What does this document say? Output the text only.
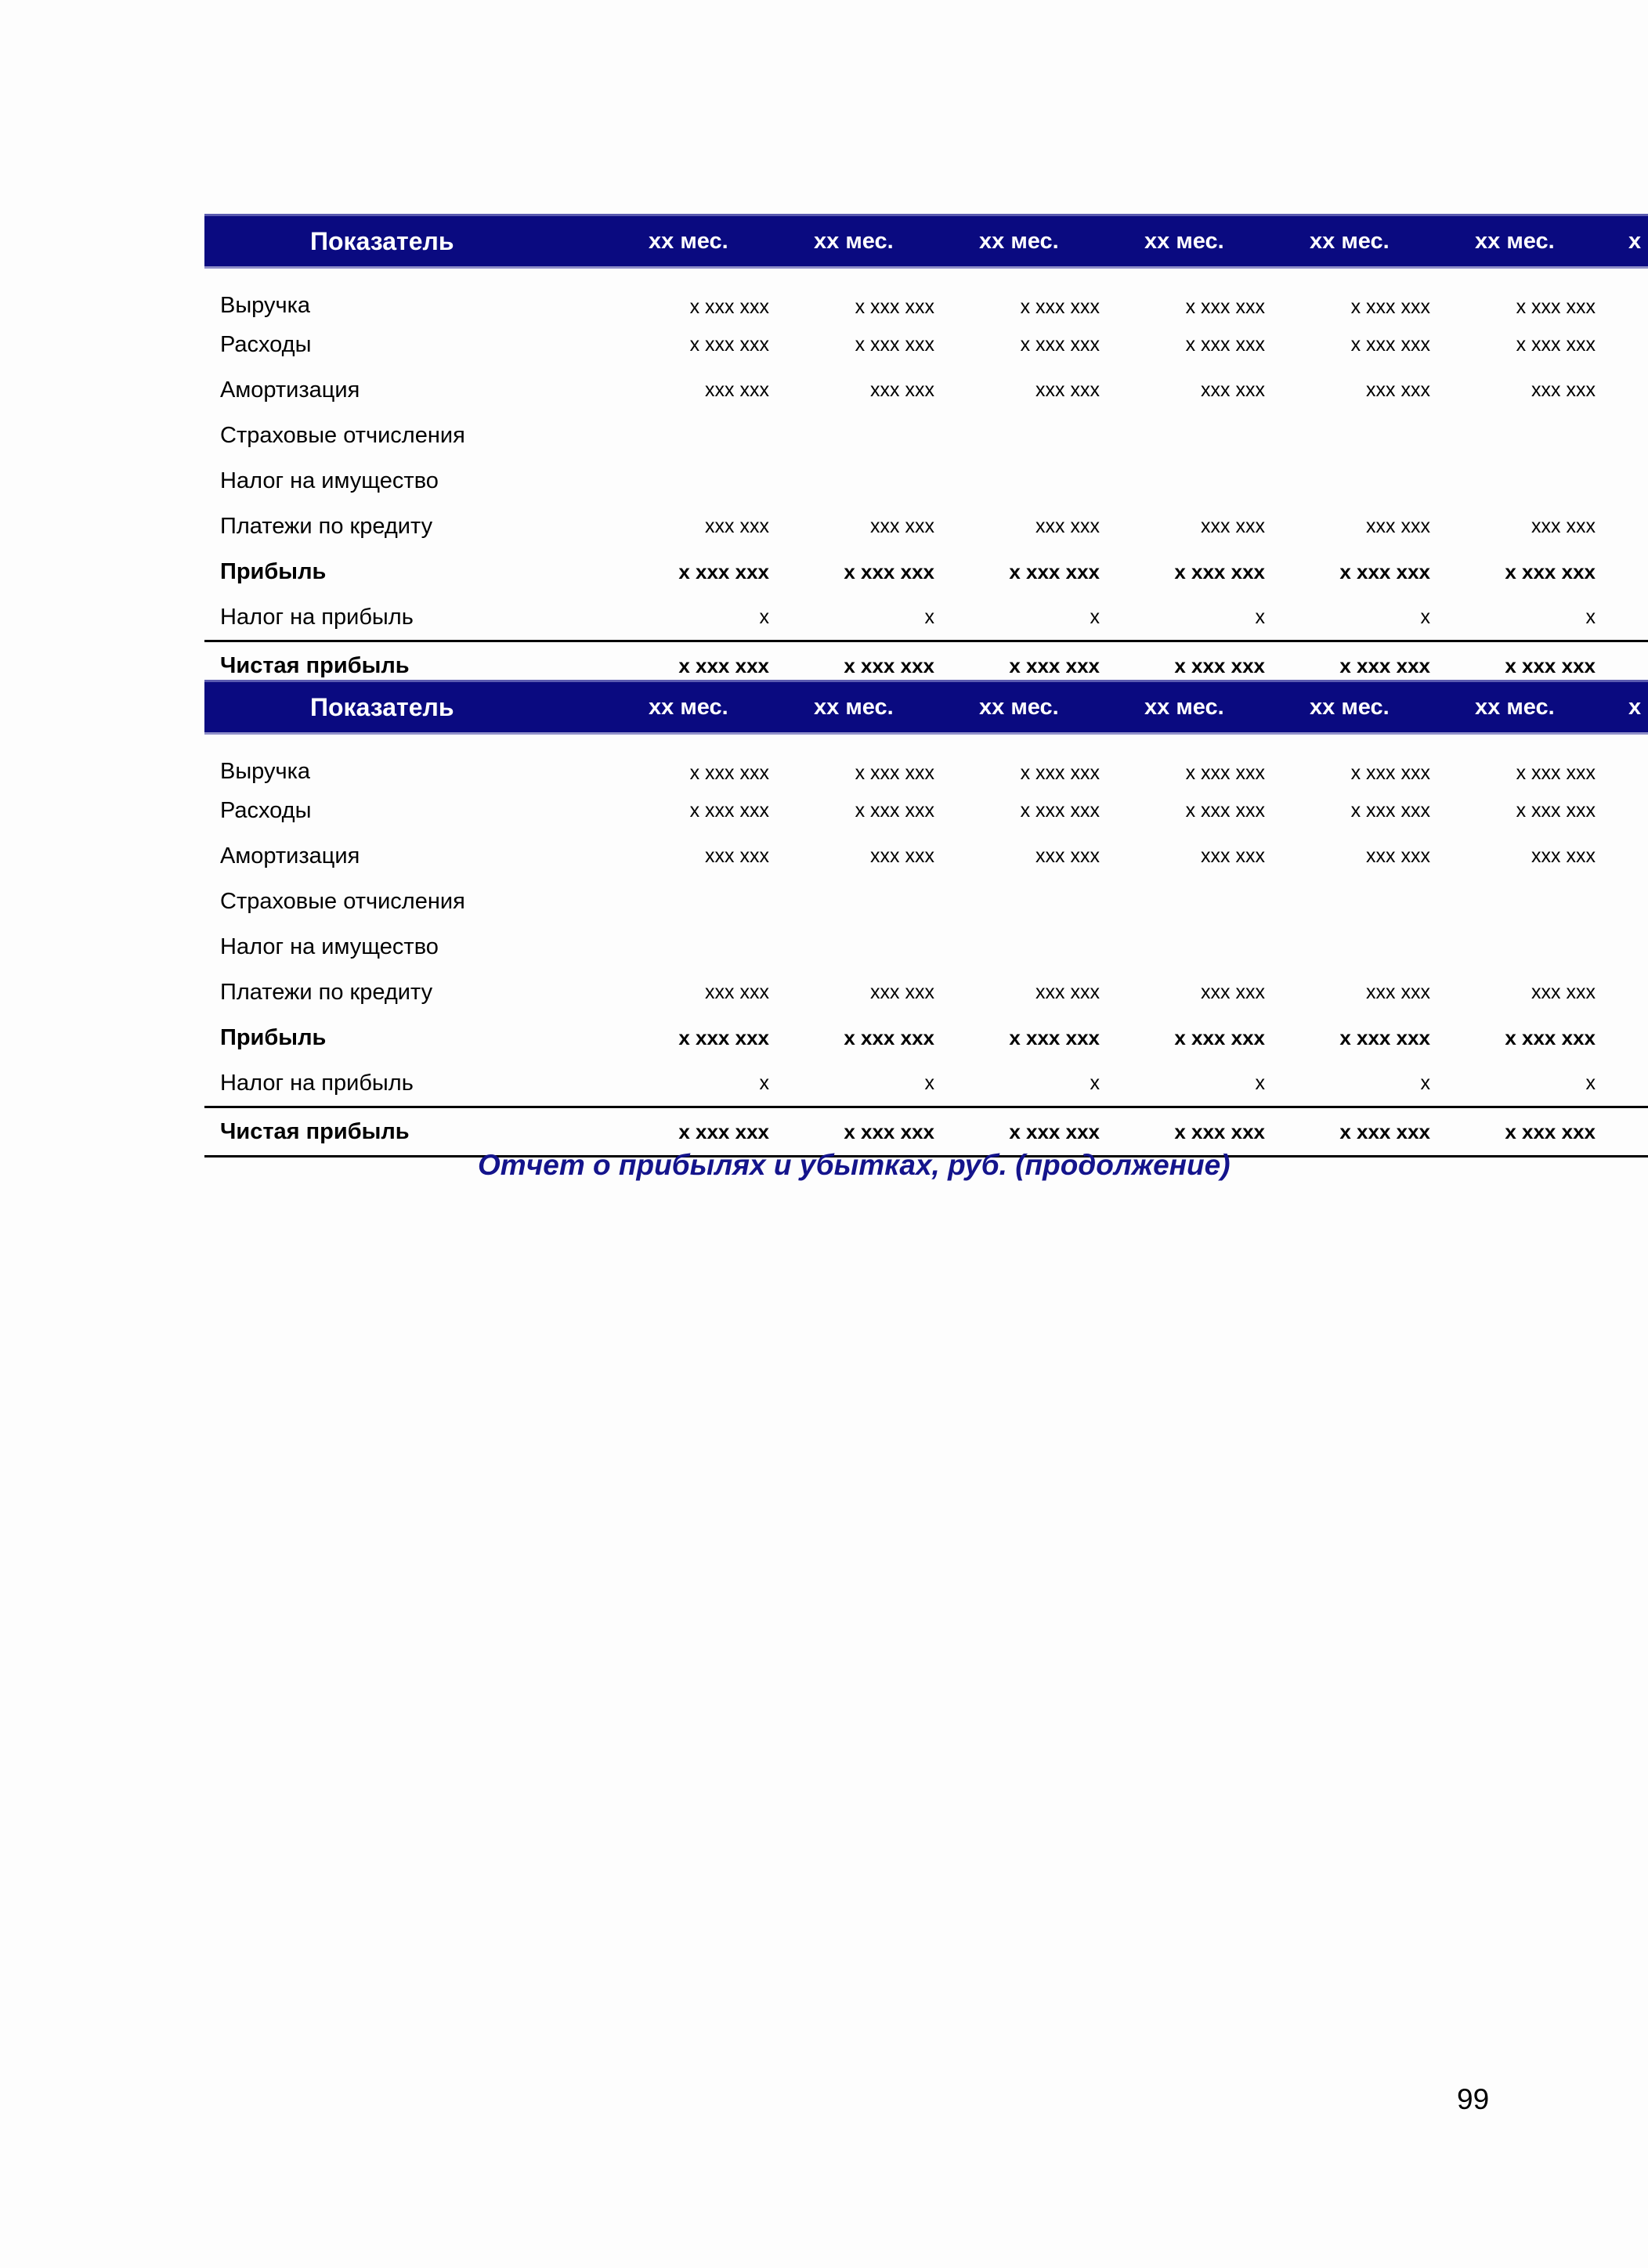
Показатель	хх мес.	хх мес.	хх мес.	хх мес.	хх мес.	хх мес.	х
Выручка	х ххх ххх	х ххх ххх	х ххх ххх	х ххх ххх	х ххх ххх	х ххх ххх	
Расходы	х ххх ххх	х ххх ххх	х ххх ххх	х ххх ххх	х ххх ххх	х ххх ххх	
Амортизация	ххх ххх	ххх ххх	ххх ххх	ххх ххх	ххх ххх	ххх ххх	
Страховые отчисления							
Налог на имущество							
Платежи по кредиту	ххх ххх	ххх ххх	ххх ххх	ххх ххх	ххх ххх	ххх ххх	
Прибыль	х ххх ххх	х ххх ххх	х ххх ххх	х ххх ххх	х ххх ххх	х ххх ххх	
Налог на прибыль	х	х	х	х	х	х	
Чистая прибыль	х ххх ххх	х ххх ххх	х ххх ххх	х ххх ххх	х ххх ххх	х ххх ххх	
Показатель	хх мес.	хх мес.	хх мес.	хх мес.	хх мес.	хх мес.	х
Выручка	х ххх ххх	х ххх ххх	х ххх ххх	х ххх ххх	х ххх ххх	х ххх ххх	
Расходы	х ххх ххх	х ххх ххх	х ххх ххх	х ххх ххх	х ххх ххх	х ххх ххх	
Амортизация	ххх ххх	ххх ххх	ххх ххх	ххх ххх	ххх ххх	ххх ххх	
Страховые отчисления							
Налог на имущество							
Платежи по кредиту	ххх ххх	ххх ххх	ххх ххх	ххх ххх	ххх ххх	ххх ххх	
Прибыль	х ххх ххх	х ххх ххх	х ххх ххх	х ххх ххх	х ххх ххх	х ххх ххх	
Налог на прибыль	х	х	х	х	х	х	
Чистая прибыль	х ххх ххх	х ххх ххх	х ххх ххх	х ххх ххх	х ххх ххх	х ххх ххх	
Отчет о прибылях и убытках, руб. (продолжение)
99
